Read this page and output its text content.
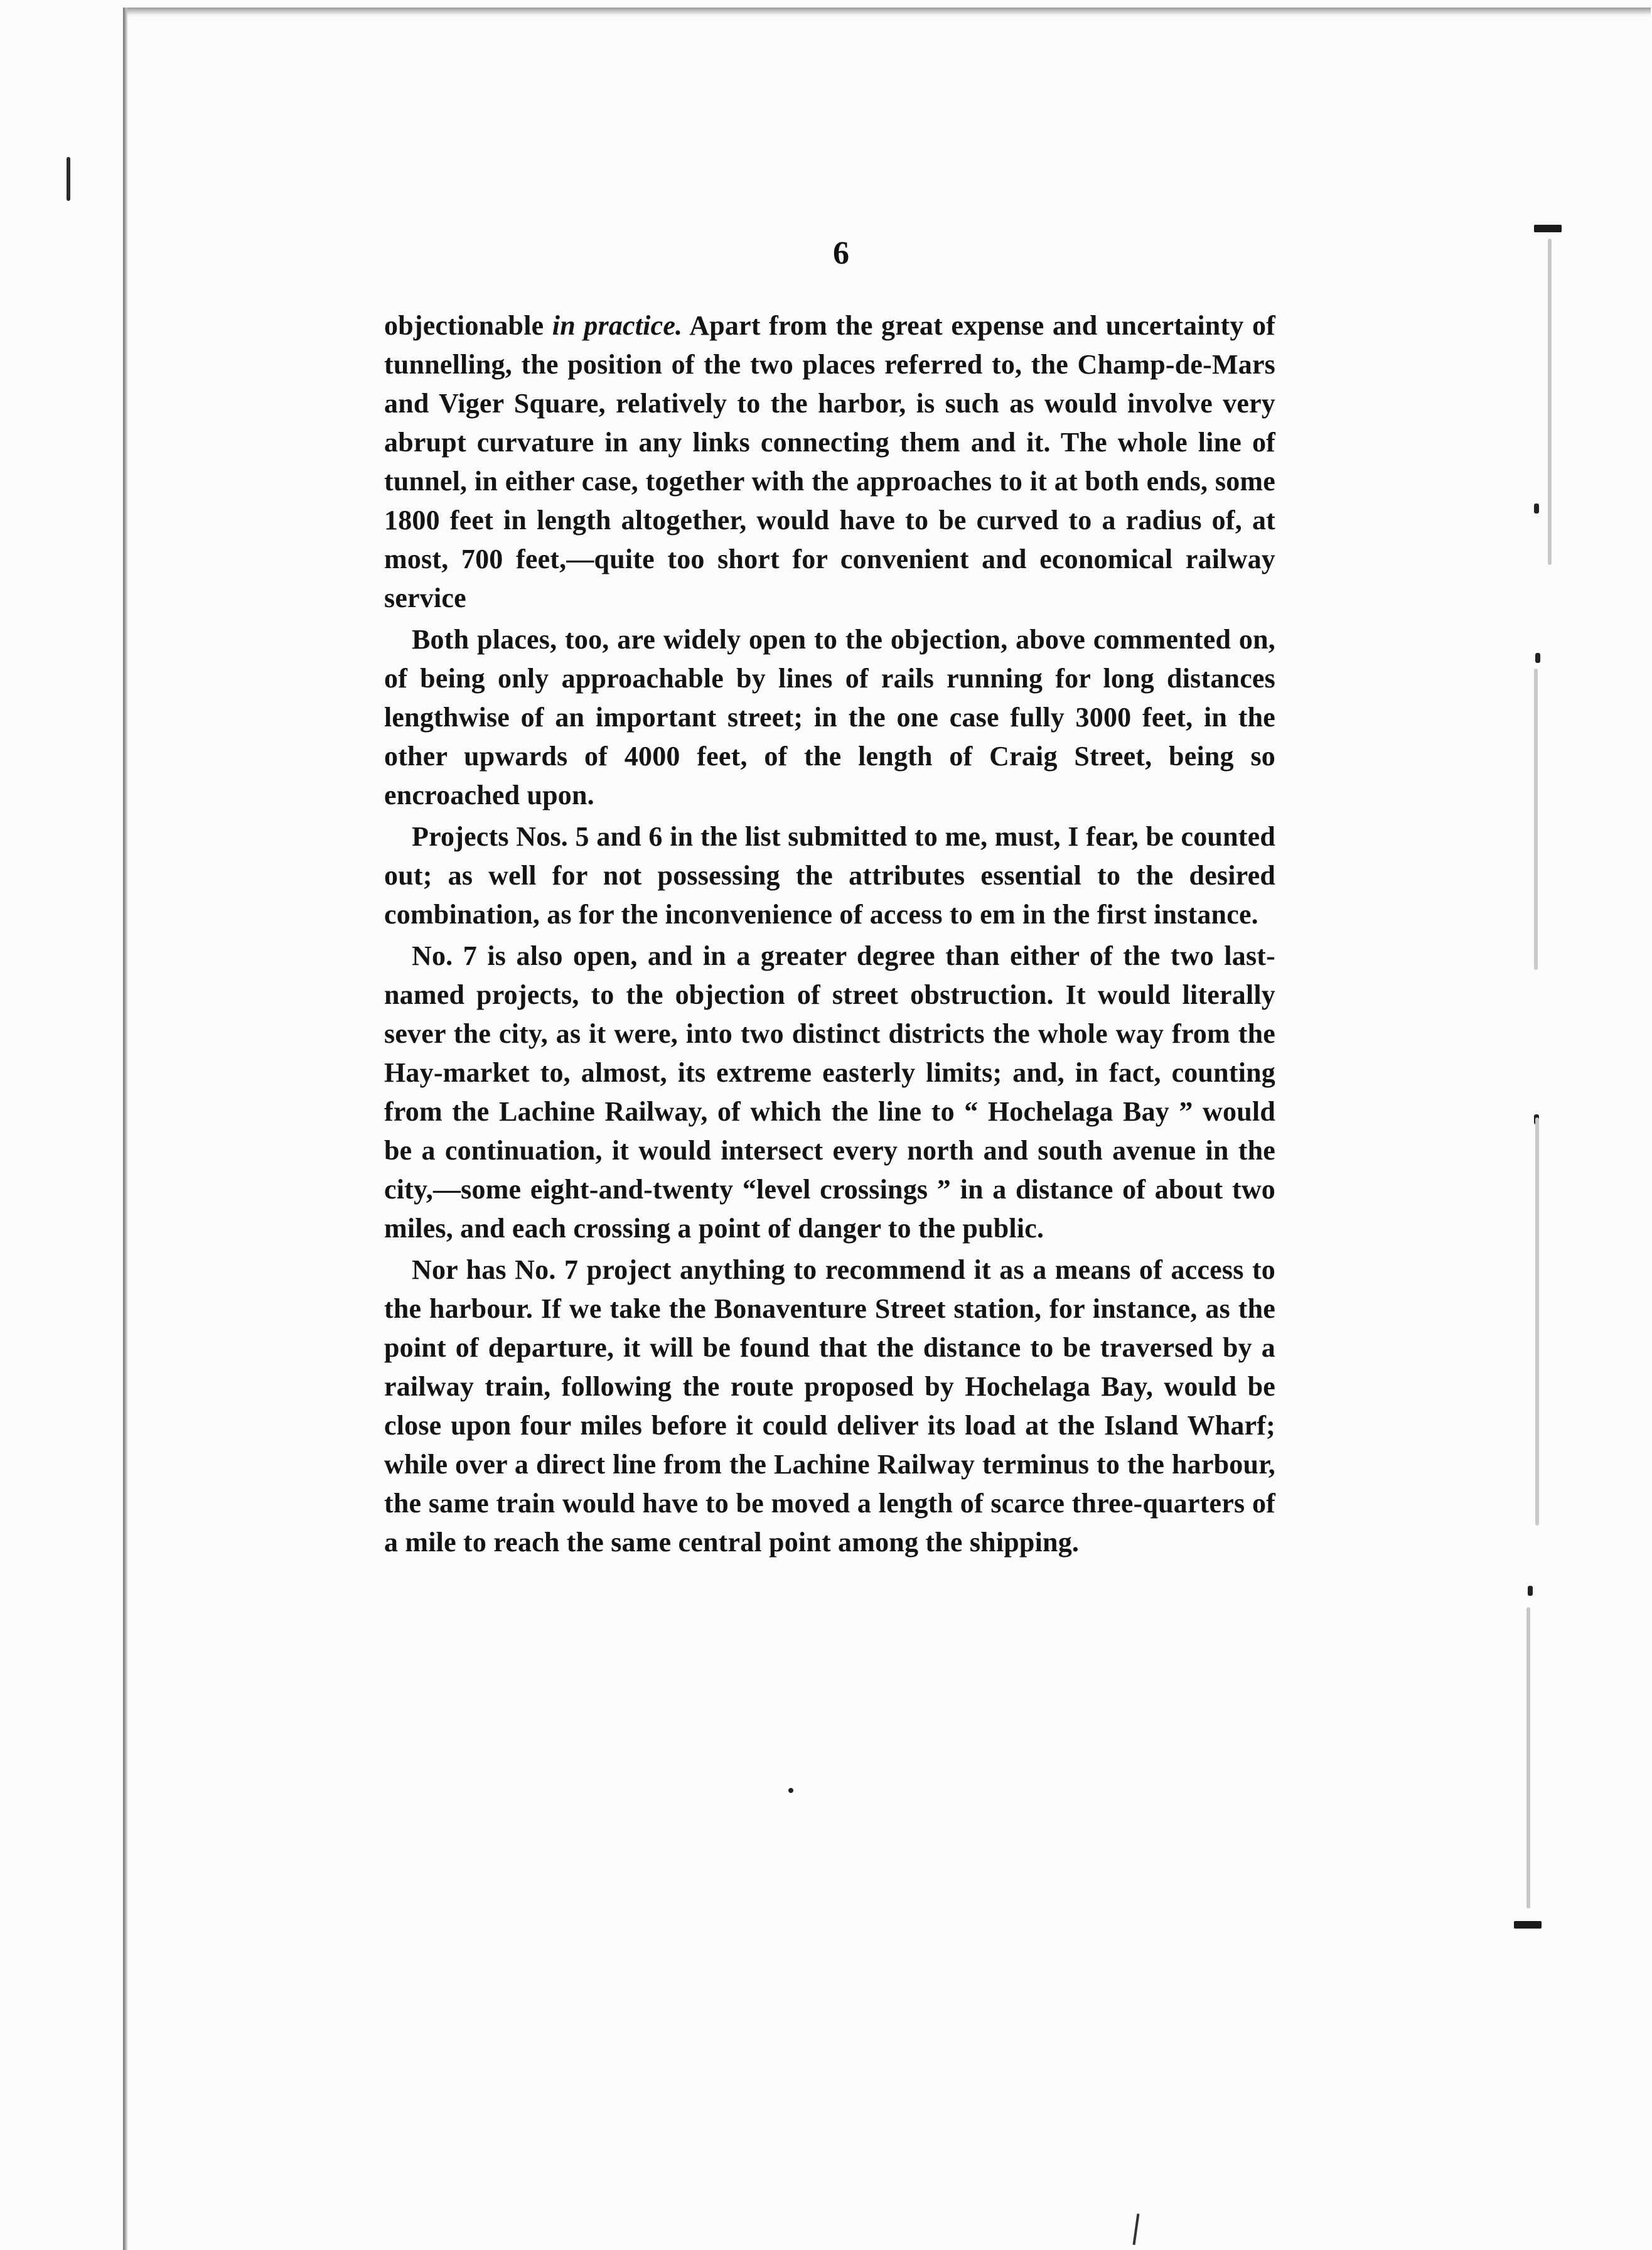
6

objectionable in practice. Apart from the great expense and uncertainty of tunnelling, the position of the two places referred to, the Champ-de-Mars and Viger Square, relatively to the harbor, is such as would involve very abrupt curvature in any links connecting them and it. The whole line of tunnel, in either case, together with the approaches to it at both ends, some 1800 feet in length altogether, would have to be curved to a radius of, at most, 700 feet,—quite too short for convenient and economical railway service

Both places, too, are widely open to the objection, above commented on, of being only approachable by lines of rails running for long distances lengthwise of an important street; in the one case fully 3000 feet, in the other upwards of 4000 feet, of the length of Craig Street, being so encroached upon.

Projects Nos. 5 and 6 in the list submitted to me, must, I fear, be counted out; as well for not possessing the attributes essential to the desired combination, as for the inconvenience of access to em in the first instance.

No. 7 is also open, and in a greater degree than either of the two last-named projects, to the objection of street obstruction. It would literally sever the city, as it were, into two distinct districts the whole way from the Hay-market to, almost, its extreme easterly limits; and, in fact, counting from the Lachine Railway, of which the line to “ Hochelaga Bay ” would be a continuation, it would intersect every north and south avenue in the city,—some eight-and-twenty “level crossings ” in a distance of about two miles, and each crossing a point of danger to the public.

Nor has No. 7 project anything to recommend it as a means of access to the harbour. If we take the Bonaventure Street station, for instance, as the point of departure, it will be found that the distance to be traversed by a railway train, following the route proposed by Hochelaga Bay, would be close upon four miles before it could deliver its load at the Island Wharf; while over a direct line from the Lachine Railway terminus to the harbour, the same train would have to be moved a length of scarce three-quarters of a mile to reach the same central point among the shipping.
